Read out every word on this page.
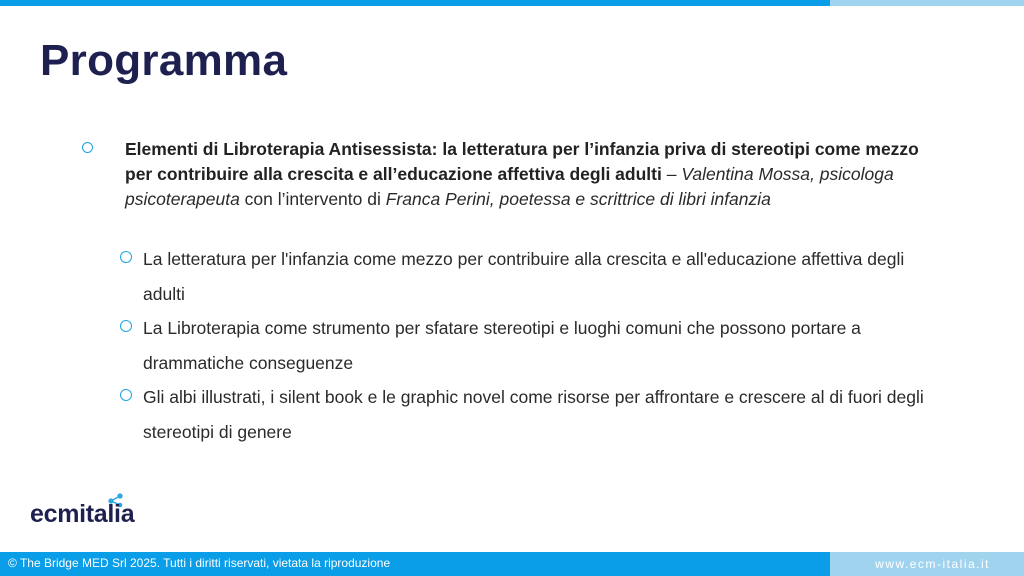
Programma
Elementi di Libroterapia Antisessista: la letteratura per l’infanzia priva di stereotipi come mezzo per contribuire alla crescita e all’educazione affettiva degli adulti – Valentina Mossa, psicologa psicoterapeuta con l’intervento di Franca Perini, poetessa e scrittrice di libri infanzia
La letteratura per l'infanzia come mezzo per contribuire alla crescita e all'educazione affettiva degli adulti
La Libroterapia come strumento per sfatare stereotipi e luoghi comuni che possono portare a drammatiche conseguenze
Gli albi illustrati, i silent book e le graphic novel come risorse per affrontare e crescere al di fuori degli stereotipi di genere
ecmitalia
© The Bridge MED Srl 2025. Tutti i diritti riservati, vietata la riproduzione	www.ecm-italia.it
